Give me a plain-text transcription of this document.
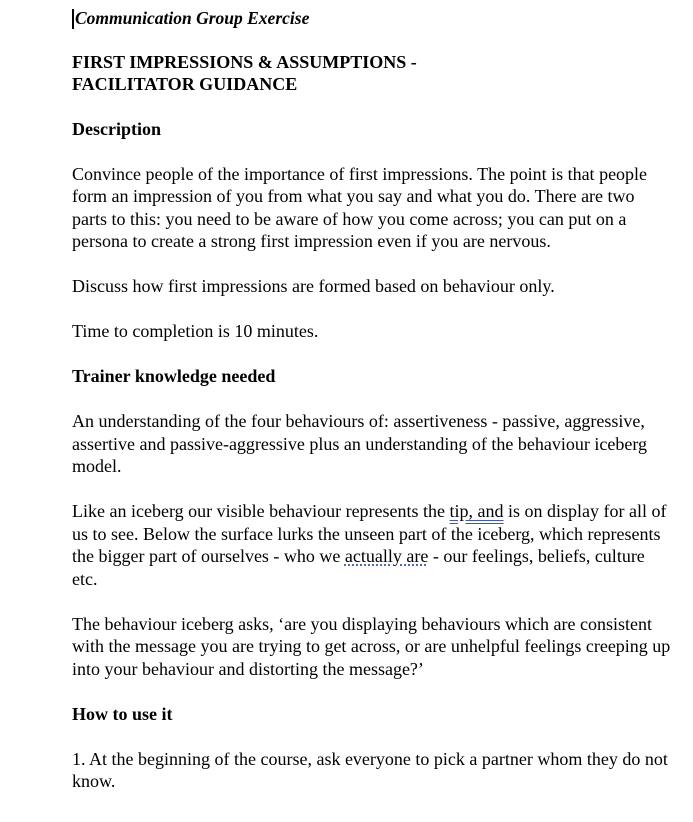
Communication Group Exercise

FIRST IMPRESSIONS & ASSUMPTIONS -
FACILITATOR GUIDANCE

Description

Convince people of the importance of first impressions. The point is that people form an impression of you from what you say and what you do. There are two parts to this: you need to be aware of how you come across; you can put on a persona to create a strong first impression even if you are nervous.

Discuss how first impressions are formed based on behaviour only.

Time to completion is 10 minutes.

Trainer knowledge needed

An understanding of the four behaviours of: assertiveness - passive, aggressive, assertive and passive-aggressive plus an understanding of the behaviour iceberg model.

Like an iceberg our visible behaviour represents the tip, and is on display for all of us to see. Below the surface lurks the unseen part of the iceberg, which represents the bigger part of ourselves - who we actually are - our feelings, beliefs, culture etc.

The behaviour iceberg asks, ‘are you displaying behaviours which are consistent with the message you are trying to get across, or are unhelpful feelings creeping up into your behaviour and distorting the message?’

How to use it

1. At the beginning of the course, ask everyone to pick a partner whom they do not know.
